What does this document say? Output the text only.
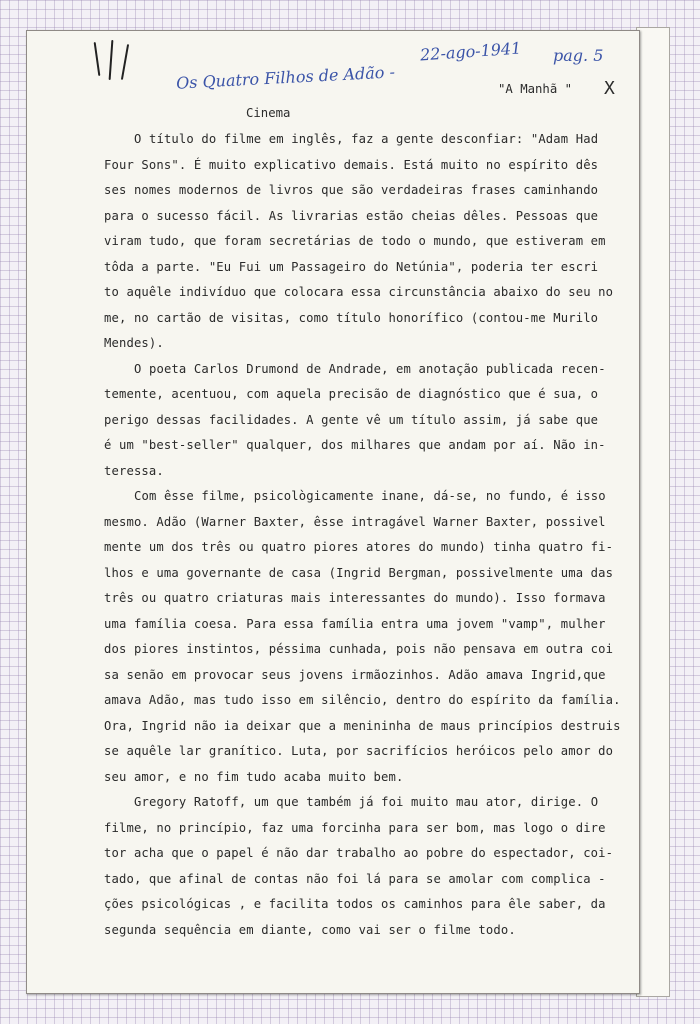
Os Quatro Filhos de Adão -
22-ago-1941 pag. 5
"A Manhã " X
Cinema
O título do filme em inglês, faz a gente desconfiar: "Adam Had
Four Sons". É muito explicativo demais. Está muito no espírito dês
ses nomes modernos de livros que são verdadeiras frases caminhando
para o sucesso fácil. As livrarias estão cheias dêles. Pessoas que
viram tudo, que foram secretárias de todo o mundo, que estiveram em
tôda a parte. "Eu Fui um Passageiro do Netúnia", poderia ter escri
to aquêle indivíduo que colocara essa circunstância abaixo do seu no
me, no cartão de visitas, como título honorífico (contou-me Murilo
Mendes).
O poeta Carlos Drumond de Andrade, em anotação publicada recen-
temente, acentuou, com aquela precisão de diagnóstico que é sua, o
perigo dessas facilidades. A gente vê um título assim, já sabe que
é um "best-seller" qualquer, dos milhares que andam por aí. Não in-
teressa.
Com êsse filme, psicològicamente inane, dá-se, no fundo, é isso
mesmo. Adão (Warner Baxter, êsse intragável Warner Baxter, possivel
mente um dos três ou quatro piores atores do mundo) tinha quatro fi-
lhos e uma governante de casa (Ingrid Bergman, possivelmente uma das
três ou quatro criaturas mais interessantes do mundo). Isso formava
uma família coesa. Para essa família entra uma jovem "vamp", mulher
dos piores instintos, péssima cunhada, pois não pensava em outra coi
sa senão em provocar seus jovens irmãozinhos. Adão amava Ingrid,que
amava Adão, mas tudo isso em silêncio, dentro do espírito da família.
Ora, Ingrid não ia deixar que a menininha de maus princípios destruis
se aquêle lar granítico. Luta, por sacrifícios heróicos pelo amor do
seu amor, e no fim tudo acaba muito bem.
Gregory Ratoff, um que também já foi muito mau ator, dirige. O
filme, no princípio, faz uma forcinha para ser bom, mas logo o dire
tor acha que o papel é não dar trabalho ao pobre do espectador, coi-
tado, que afinal de contas não foi lá para se amolar com complica -
ções psicológicas , e facilita todos os caminhos para êle saber, da
segunda sequência em diante, como vai ser o filme todo.
